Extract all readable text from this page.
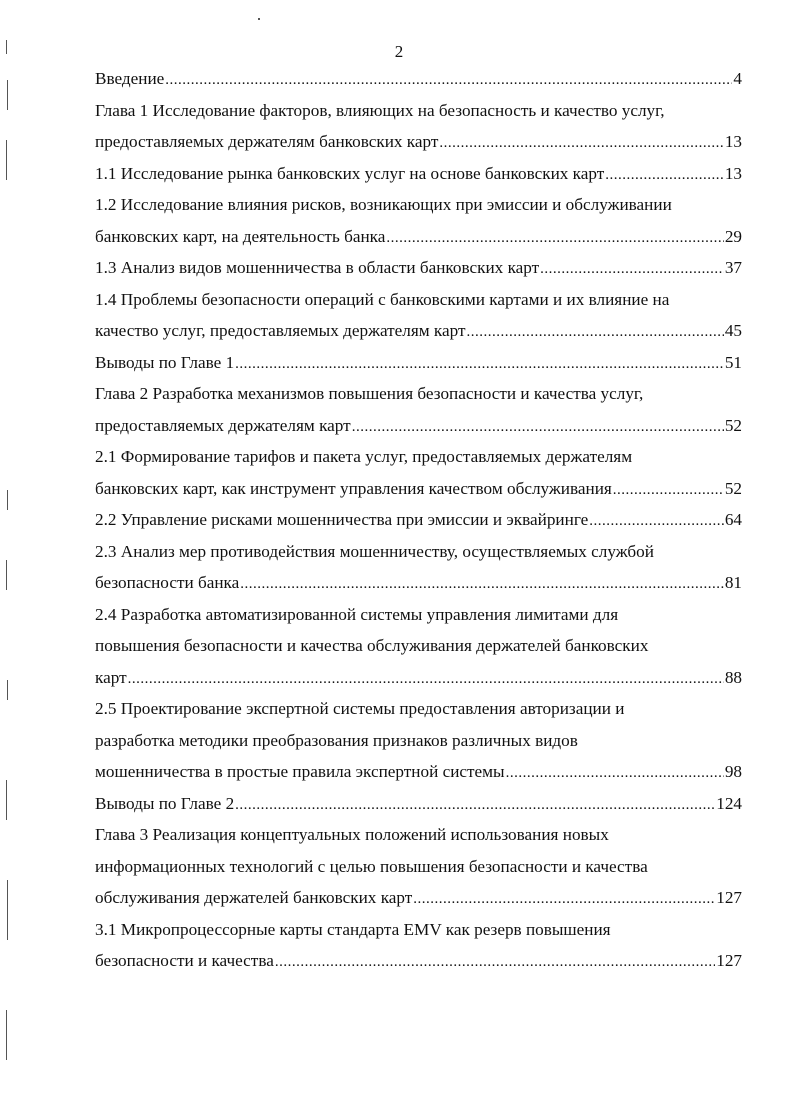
2
Введение .....	4
Глава 1 Исследование факторов, влияющих на безопасность и качество услуг,
предоставляемых держателям банковских карт .....	13
1.1 Исследование рынка банковских услуг на основе банковских карт .....	13
1.2 Исследование влияния рисков, возникающих при эмиссии и обслуживании
банковских карт, на деятельность банка .....	29
1.3 Анализ видов мошенничества в области банковских карт .....	37
1.4 Проблемы безопасности операций с банковскими картами и их влияние на
качество услуг, предоставляемых держателям карт .....	45
Выводы по Главе 1 .....	51
Глава 2 Разработка механизмов повышения безопасности и качества услуг,
предоставляемых держателям карт .....	52
2.1 Формирование тарифов и пакета услуг, предоставляемых держателям
банковских карт, как инструмент управления качеством обслуживания .....	52
2.2 Управление рисками мошенничества при эмиссии и эквайринге .....	64
2.3 Анализ мер противодействия мошенничеству, осуществляемых службой
безопасности банка .....	81
2.4 Разработка автоматизированной системы управления лимитами для
повышения безопасности и качества обслуживания держателей банковских
карт .....	88
2.5 Проектирование экспертной системы предоставления авторизации и
разработка методики преобразования признаков различных видов
мошенничества в простые правила экспертной системы .....	98
Выводы по Главе 2 .....	124
Глава 3 Реализация концептуальных положений использования новых
информационных технологий с целью повышения безопасности и качества
обслуживания держателей банковских карт .....	127
3.1 Микропроцессорные карты стандарта EMV как резерв повышения
безопасности и качества .....	127
